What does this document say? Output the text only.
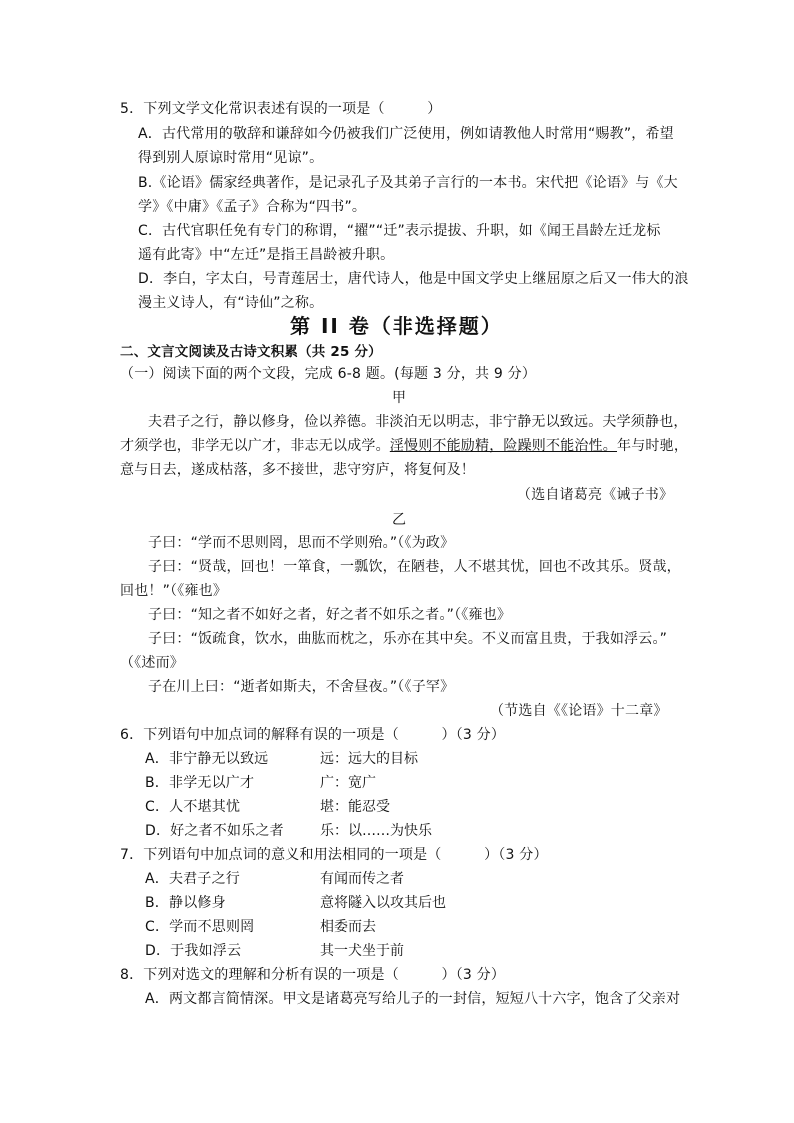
5．下列文学文化常识表述有误的一项是（　　　）
A．古代常用的敬辞和谦辞如今仍被我们广泛使用，例如请教他人时常用“赐教”，希望
得到别人原谅时常用“见谅”。
B.《论语》儒家经典著作，是记录孔子及其弟子言行的一本书。宋代把《论语》与《大
学》《中庸》《孟子》合称为“四书”。
C．古代官职任免有专门的称谓，“擢”“迁”表示提拔、升职，如《闻王昌龄左迁龙标
遥有此寄》中“左迁”是指王昌龄被升职。
D．李白，字太白，号青莲居士，唐代诗人，他是中国文学史上继屈原之后又一伟大的浪
漫主义诗人，有“诗仙”之称。
第 II 卷（非选择题）
二、文言文阅读及古诗文积累（共 25 分）
（一）阅读下面的两个文段，完成 6-8 题。(每题 3 分，共 9 分）
甲
夫君子之行，静以修身，俭以养德。非淡泊无以明志，非宁静无以致远。夫学须静也，
才须学也，非学无以广才，非志无以成学。淫慢则不能励精，险躁则不能治性。年与时驰，
意与日去，遂成枯落，多不接世，悲守穷庐，将复何及！
（选自诸葛亮《诫子书》
乙
子曰：“学而不思则罔，思而不学则殆。”（《为政》
子曰：“贤哉，回也！一箪食，一瓢饮，在陋巷，人不堪其忧，回也不改其乐。贤哉，
回也！”（《雍也》
子曰：“知之者不如好之者，好之者不如乐之者。”（《雍也》
子曰：“饭疏食，饮水，曲肱而枕之，乐亦在其中矣。不义而富且贵，于我如浮云。”
（《述而》
子在川上曰：“逝者如斯夫，不舍昼夜。”（《子罕》
（节选自《《论语》十二章》
6．下列语句中加点词的解释有误的一项是（　　　）（3 分）
A．非宁静无以致远	远：远大的目标
B．非学无以广才	广：宽广
C．人不堪其忧	堪：能忍受
D．好之者不如乐之者	乐：以……为快乐
7．下列语句中加点词的意义和用法相同的一项是（　　　）（3 分）
A．夫君子之行	有闻而传之者
B．静以修身	意将隧入以攻其后也
C．学而不思则罔	相委而去
D．于我如浮云	其一犬坐于前
8．下列对选文的理解和分析有误的一项是（　　　）（3 分）
A．两文都言简情深。甲文是诸葛亮写给儿子的一封信，短短八十六字，饱含了父亲对
